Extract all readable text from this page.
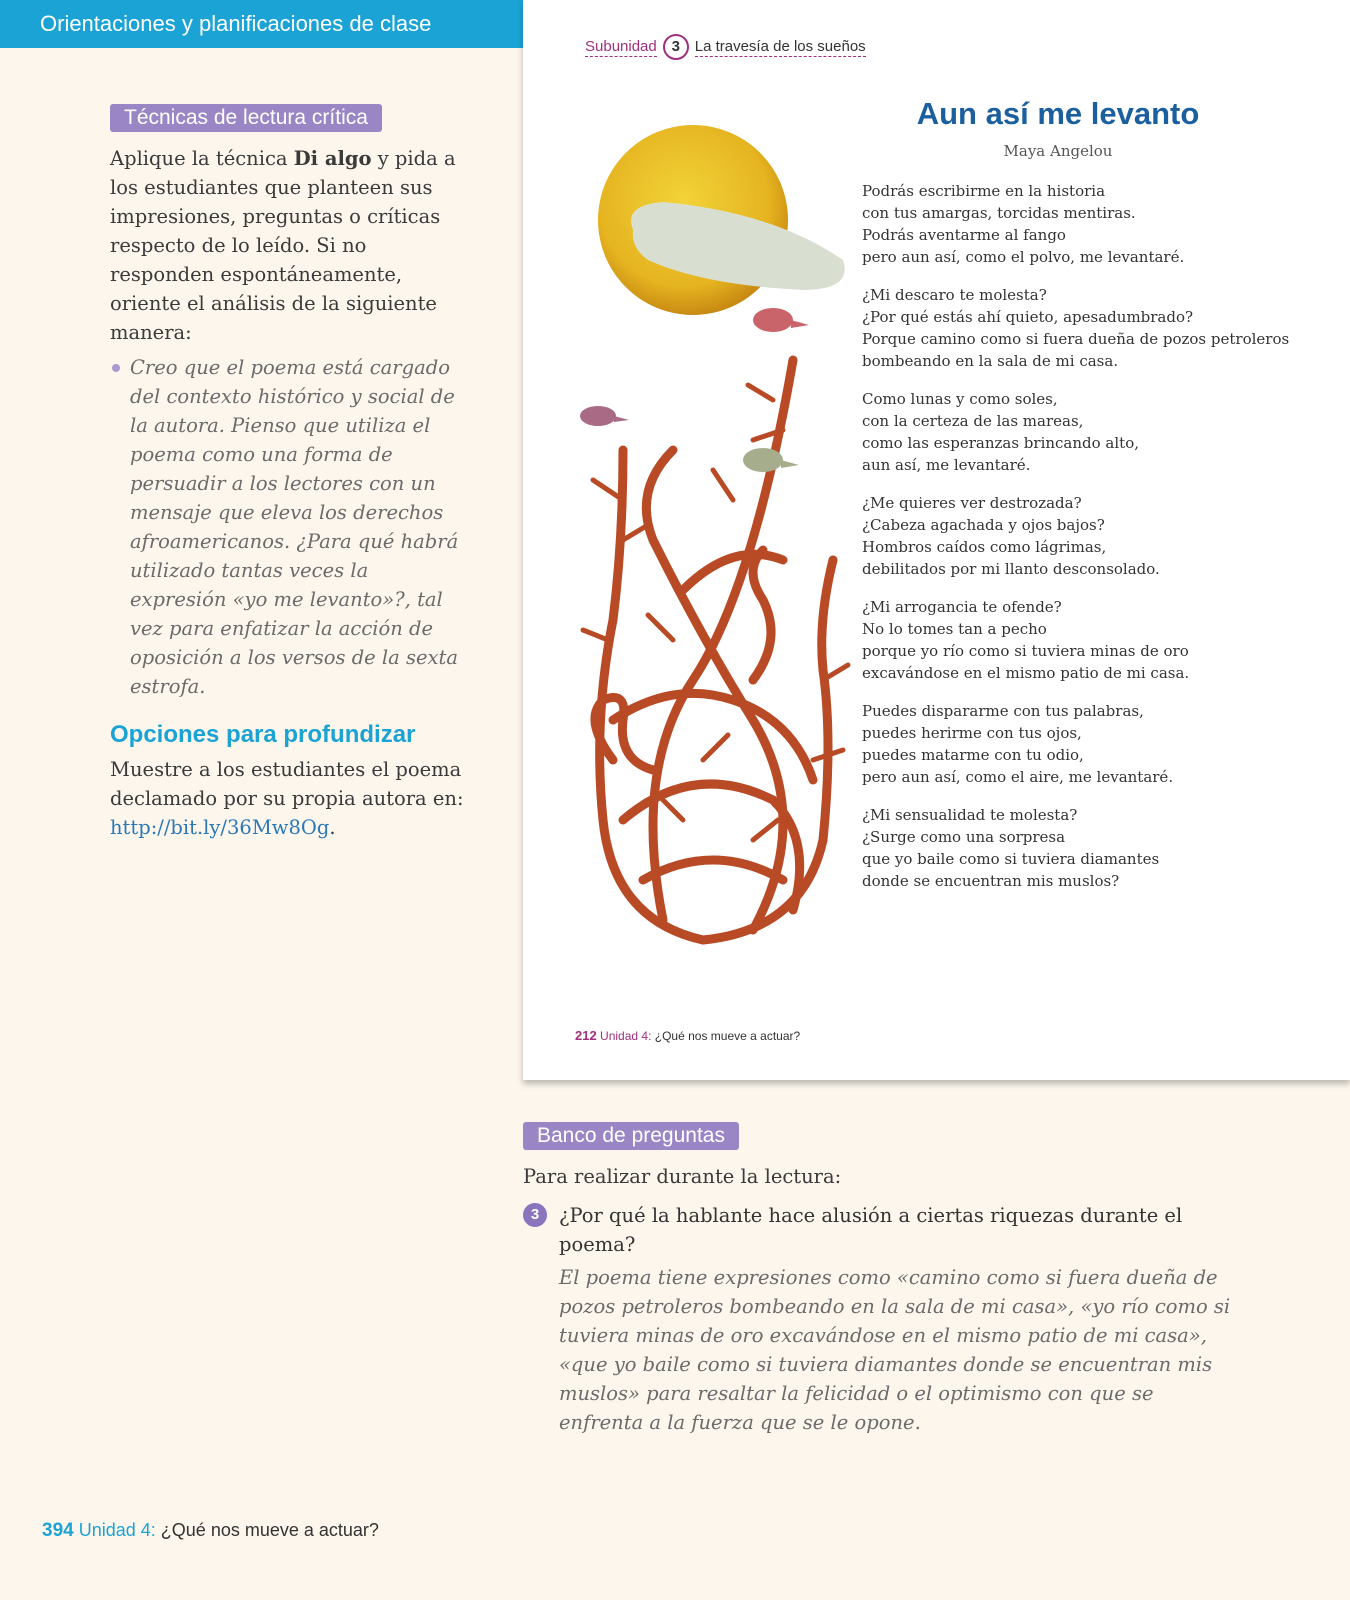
Orientaciones y planificaciones de clase
Técnicas de lectura crítica

Aplique la técnica Di algo y pida a los estudiantes que planteen sus impresiones, preguntas o críticas respecto de lo leído. Si no responden espontáneamente, oriente el análisis de la siguiente manera:

Creo que el poema está cargado del contexto histórico y social de la autora. Pienso que utiliza el poema como una forma de persuadir a los lectores con un mensaje que eleva los derechos afroamericanos. ¿Para qué habrá utilizado tantas veces la expresión «yo me levanto»?, tal vez para enfatizar la acción de oposición a los versos de la sexta estrofa.
Opciones para profundizar

Muestre a los estudiantes el poema declamado por su propia autora en: http://bit.ly/36Mw8Og.

Subunidad 3 La travesía de los sueños
Aun así me levanto
Maya Angelou
Podrás escribirme en la historia
con tus amargas, torcidas mentiras.
Podrás aventarme al fango
pero aun así, como el polvo, me levantaré.
¿Mi descaro te molesta?
¿Por qué estás ahí quieto, apesadumbrado?
Porque camino como si fuera dueña de pozos petroleros
bombeando en la sala de mi casa.
Como lunas y como soles,
con la certeza de las mareas,
como las esperanzas brincando alto,
aun así, me levantaré.
¿Me quieres ver destrozada?
¿Cabeza agachada y ojos bajos?
Hombros caídos como lágrimas,
debilitados por mi llanto desconsolado.
¿Mi arrogancia te ofende?
No lo tomes tan a pecho
porque yo río como si tuviera minas de oro
excavándose en el mismo patio de mi casa.
Puedes dispararme con tus palabras,
puedes herirme con tus ojos,
puedes matarme con tu odio,
pero aun así, como el aire, me levantaré.
¿Mi sensualidad te molesta?
¿Surge como una sorpresa
que yo baile como si tuviera diamantes
donde se encuentran mis muslos?
212 Unidad 4: ¿Qué nos mueve a actuar?
Banco de preguntas

Para realizar durante la lectura:

3	¿Por qué la hablante hace alusión a ciertas riquezas durante el poema?
El poema tiene expresiones como «camino como si fuera dueña de pozos petroleros bombeando en la sala de mi casa», «yo río como si tuviera minas de oro excavándose en el mismo patio de mi casa», «que yo baile como si tuviera diamantes donde se encuentran mis muslos» para resaltar la felicidad o el optimismo con que se enfrenta a la fuerza que se le opone.
394 Unidad 4: ¿Qué nos mueve a actuar?
